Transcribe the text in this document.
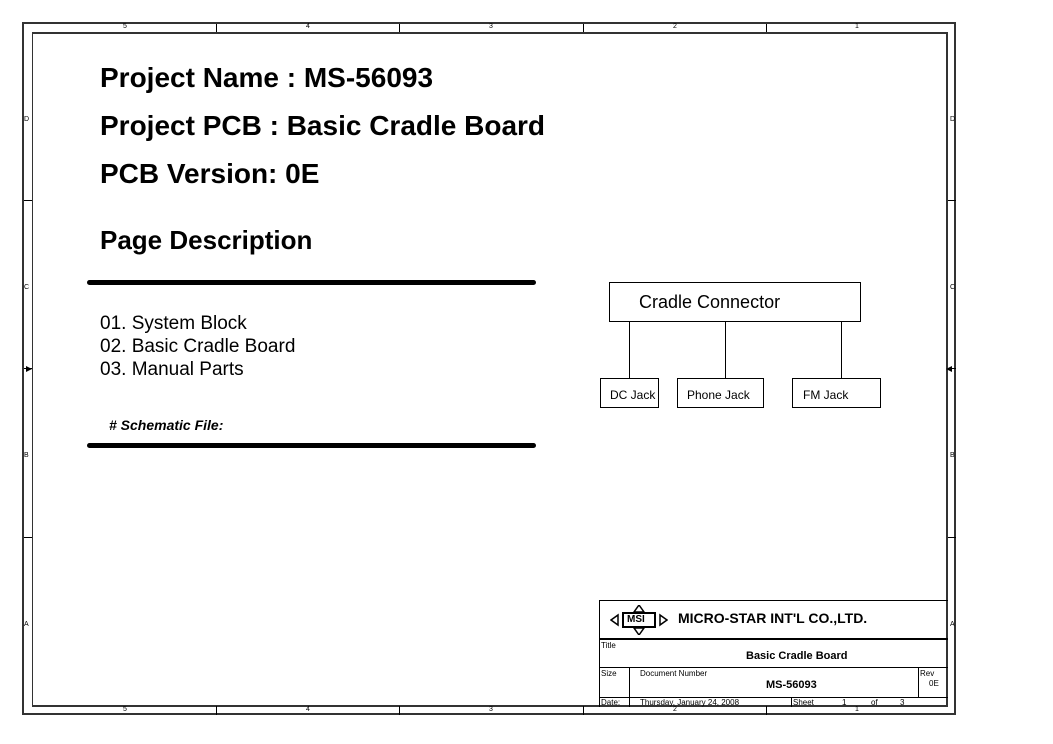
5	4	3	2	1
5	4	3	2	1
D
C
B
A
D
C
B
A
Project Name : MS-56093
Project PCB : Basic Cradle Board
PCB Version: 0E
Page Description
01. System Block
02. Basic Cradle Board
03. Manual Parts
# Schematic File:
Cradle Connector
DC Jack	Phone Jack	FM Jack
MSI MICRO-STAR INT'L CO.,LTD.
Title
Basic Cradle Board
Size	Document Number
MS-56093
Rev
0E
Date: Thursday, January 24, 2008	Sheet	1	of	3
